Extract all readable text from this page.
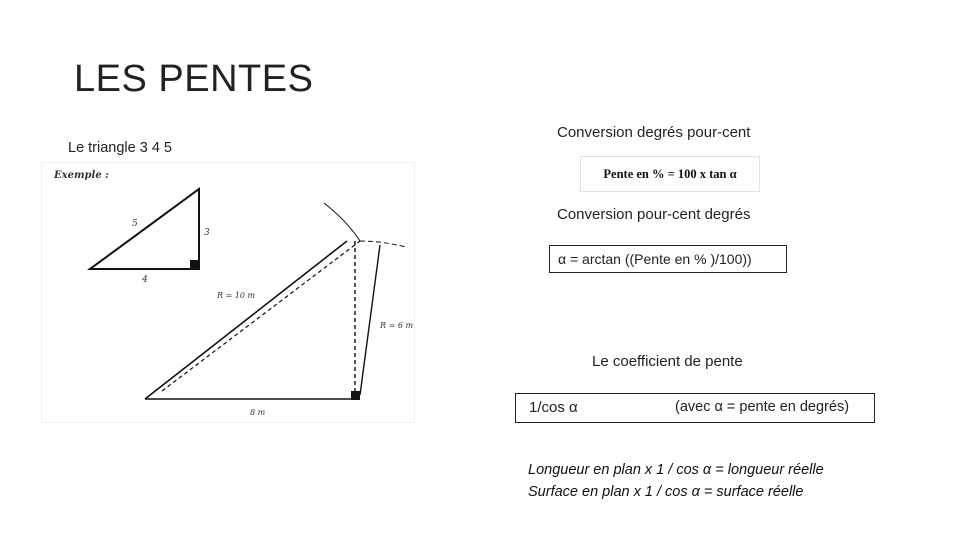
LES PENTES
Le triangle 3 4 5
Exemple :
5
3
4
R = 10 m
R = 6 m
8 m
Conversion degrés pour-cent
Pente en % = 100 x tan α
Conversion pour-cent degrés
α = arctan ((Pente en % )/100))
Le coefficient de pente
1/cos α	(avec α = pente en degrés)
Longueur en plan x 1 / cos α = longueur réelle
Surface en plan x 1 / cos α = surface réelle
